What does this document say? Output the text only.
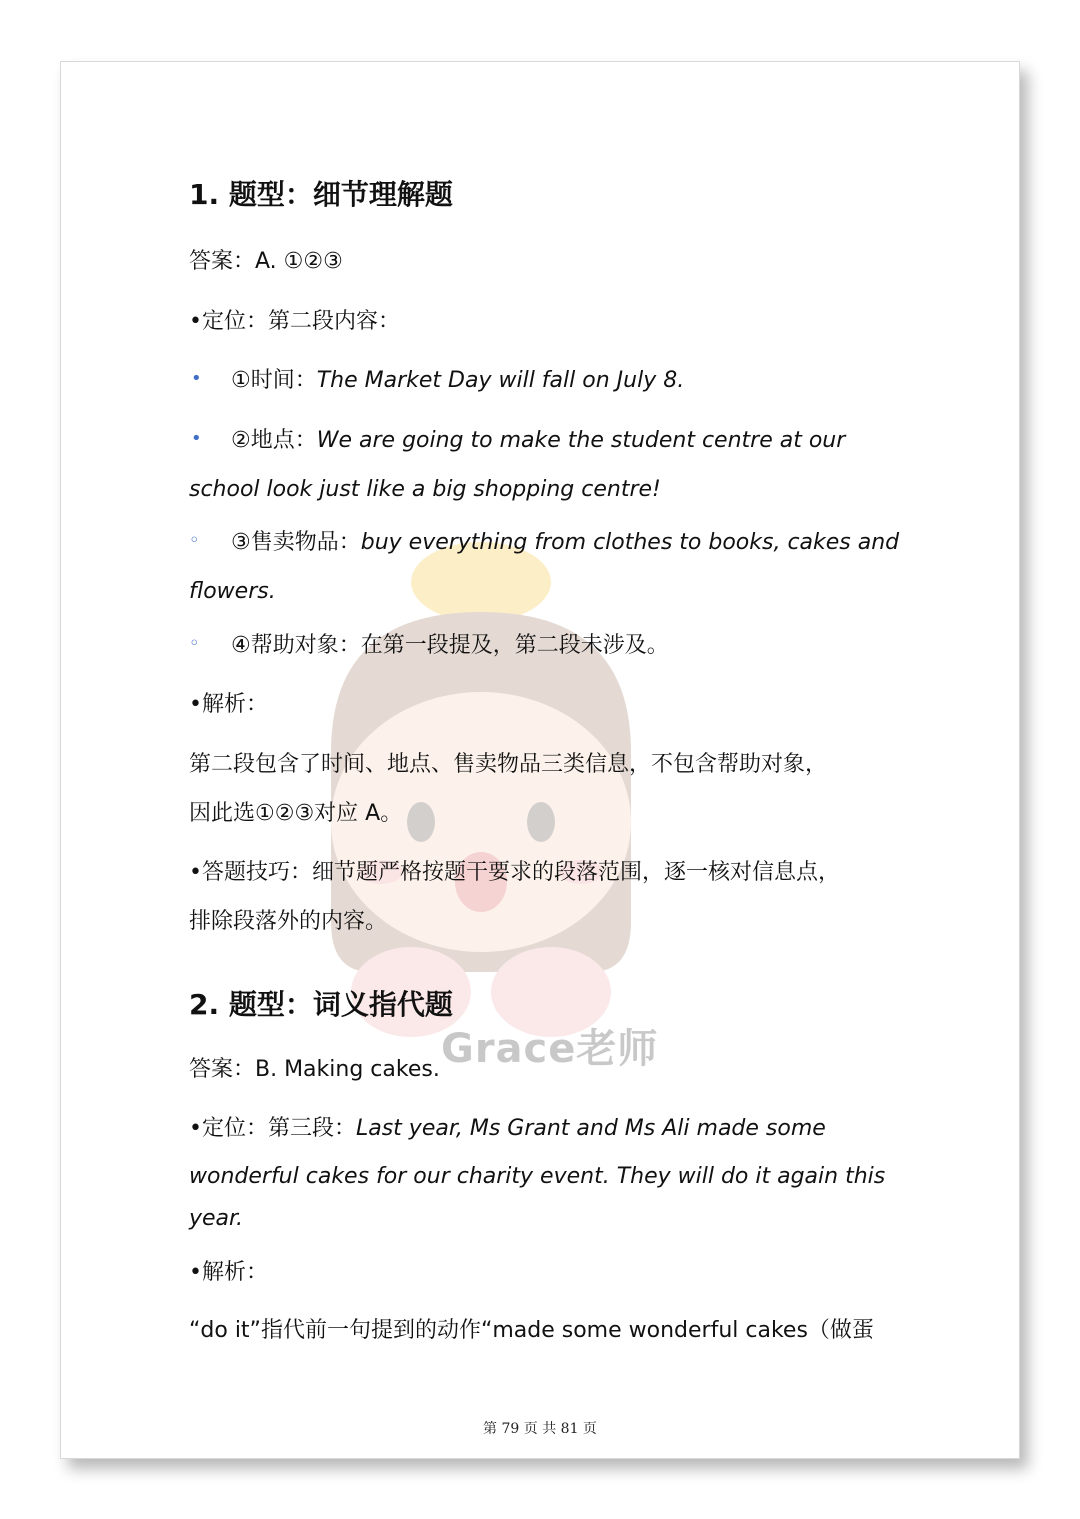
Grace老师
1. 题型：细节理解题
答案：A. ①②③
•定位：第二段内容：
• ①时间：The Market Day will fall on July 8.
• ②地点：We are going to make the student centre at our
school look just like a big shopping centre!
◦ ③售卖物品：buy everything from clothes to books, cakes and
flowers.
◦ ④帮助对象：在第一段提及，第二段未涉及。
•解析：
第二段包含了时间、地点、售卖物品三类信息，不包含帮助对象，
因此选①②③对应 A。
•答题技巧：细节题严格按题干要求的段落范围，逐一核对信息点，
排除段落外的内容。
2. 题型：词义指代题
答案：B. Making cakes.
•定位：第三段：Last year, Ms Grant and Ms Ali made some
wonderful cakes for our charity event. They will do it again this
year.
•解析：
“do it”指代前一句提到的动作“made some wonderful cakes（做蛋
第 79 页 共 81 页
